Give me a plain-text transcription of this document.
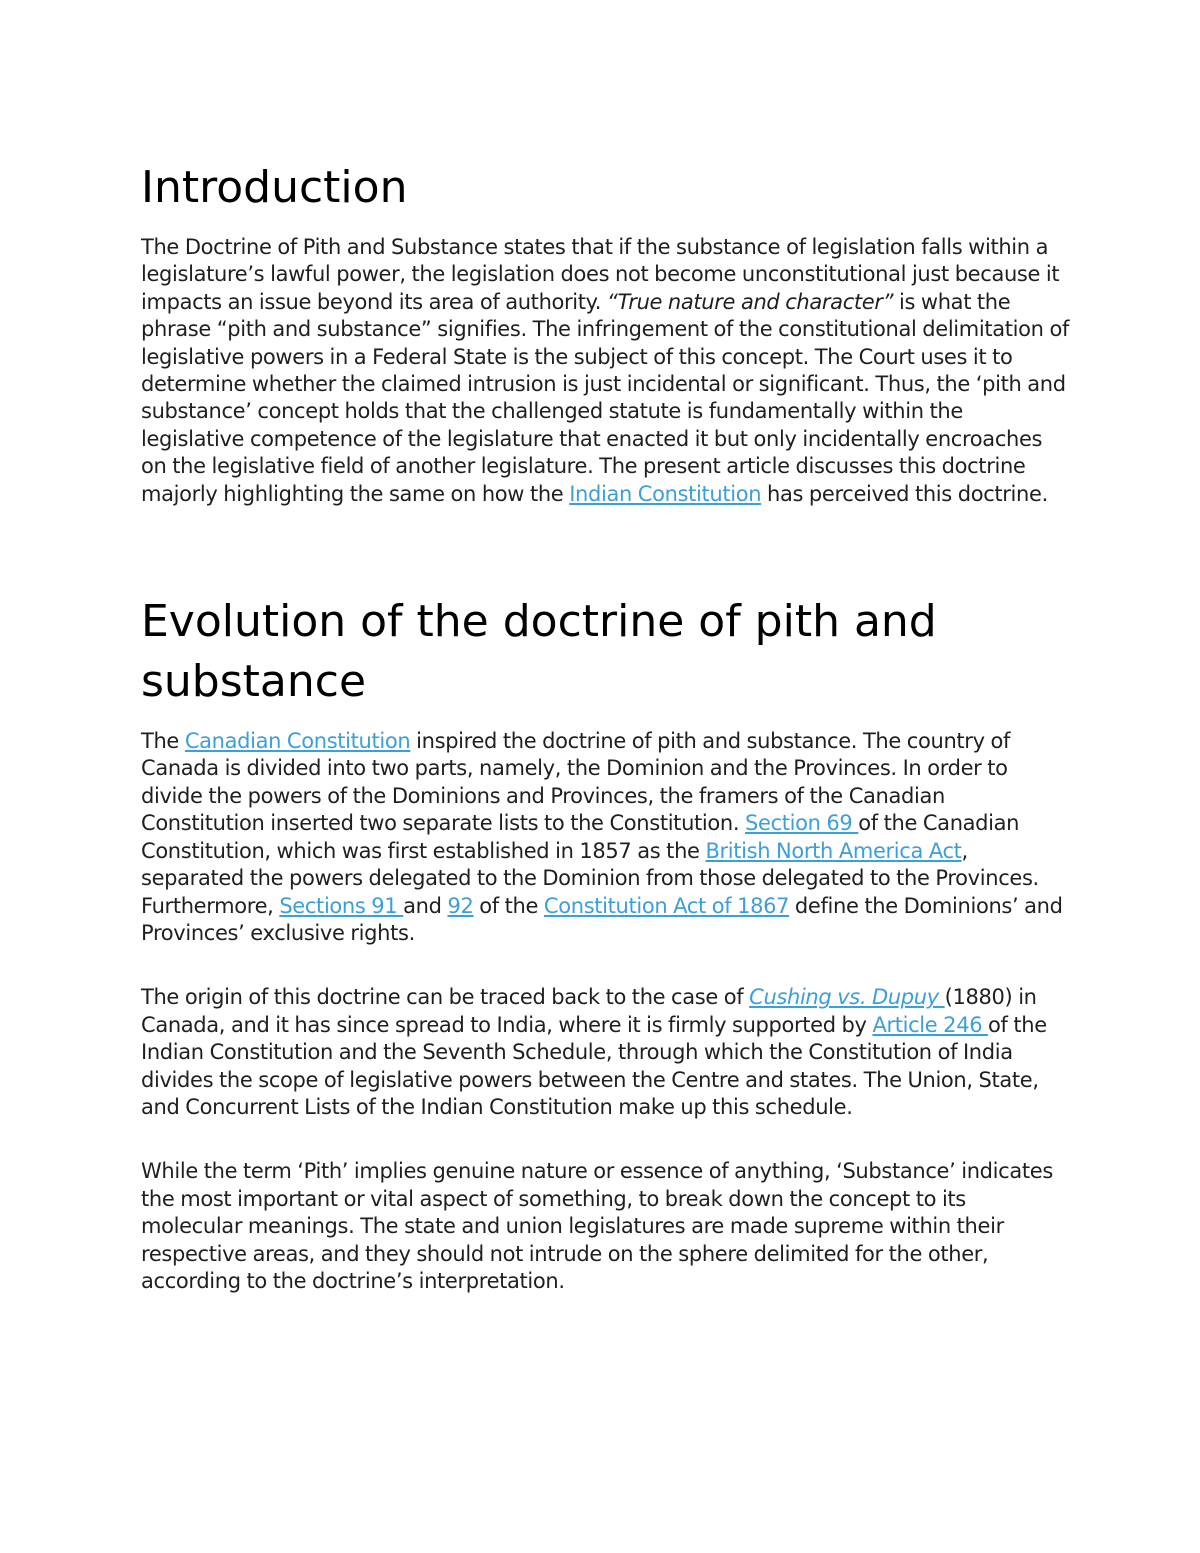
Introduction

The Doctrine of Pith and Substance states that if the substance of legislation falls within a legislature’s lawful power, the legislation does not become unconstitutional just because it impacts an issue beyond its area of authority. “True nature and character” is what the phrase “pith and substance” signifies. The infringement of the constitutional delimitation of legislative powers in a Federal State is the subject of this concept. The Court uses it to determine whether the claimed intrusion is just incidental or significant. Thus, the ‘pith and substance’ concept holds that the challenged statute is fundamentally within the legislative competence of the legislature that enacted it but only incidentally encroaches on the legislative field of another legislature. The present article discusses this doctrine majorly highlighting the same on how the Indian Constitution has perceived this doctrine.

Evolution of the doctrine of pith and substance

The Canadian Constitution inspired the doctrine of pith and substance. The country of Canada is divided into two parts, namely, the Dominion and the Provinces. In order to divide the powers of the Dominions and Provinces, the framers of the Canadian Constitution inserted two separate lists to the Constitution. Section 69 of the Canadian Constitution, which was first established in 1857 as the British North America Act, separated the powers delegated to the Dominion from those delegated to the Provinces. Furthermore, Sections 91 and 92 of the Constitution Act of 1867 define the Dominions’ and Provinces’ exclusive rights.

The origin of this doctrine can be traced back to the case of Cushing vs. Dupuy (1880) in Canada, and it has since spread to India, where it is firmly supported by Article 246 of the Indian Constitution and the Seventh Schedule, through which the Constitution of India divides the scope of legislative powers between the Centre and states. The Union, State, and Concurrent Lists of the Indian Constitution make up this schedule.

While the term ‘Pith’ implies genuine nature or essence of anything, ‘Substance’ indicates the most important or vital aspect of something, to break down the concept to its molecular meanings. The state and union legislatures are made supreme within their respective areas, and they should not intrude on the sphere delimited for the other, according to the doctrine’s interpretation.
